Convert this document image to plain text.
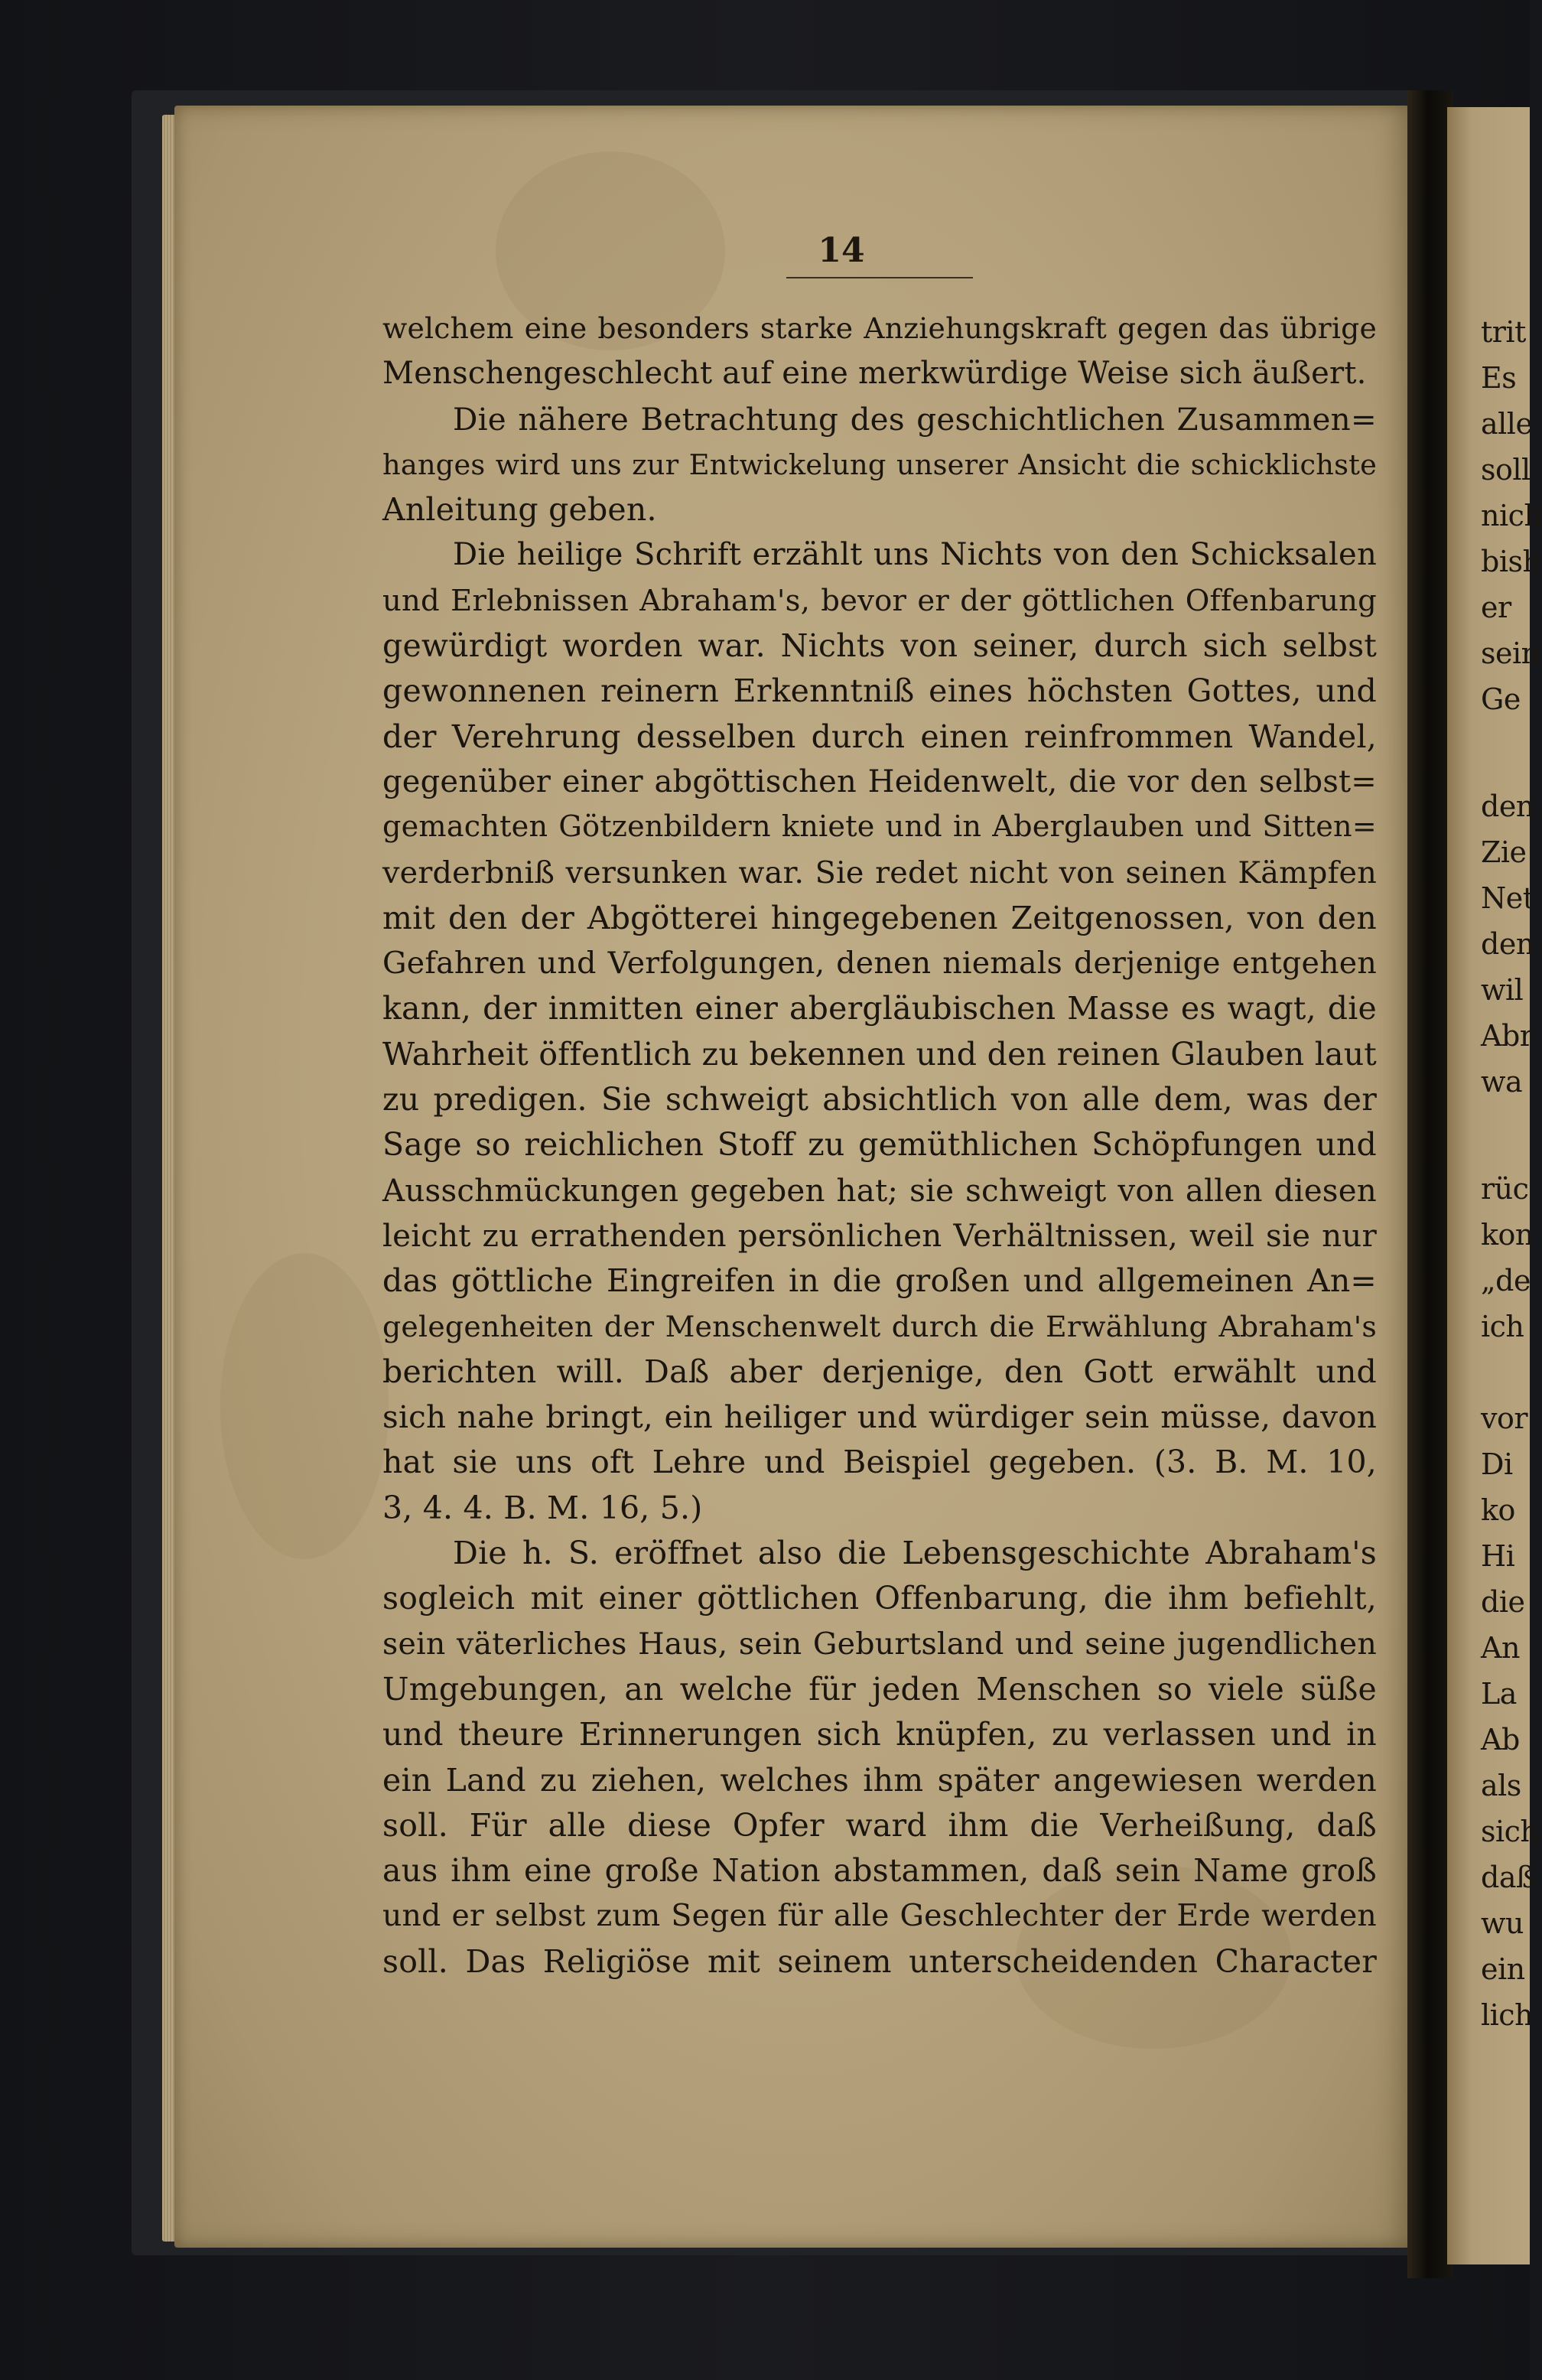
trit
Es
alle
soll
nich
bish
er
sein
Ge
den
Zie
Net
den
wil
Abr
wa
rüc
kon
„de
ich
vor
Di
ko
Hi
die
An
La
Ab
als
sich
daß
wu
ein
lich
14
welchem eine besonders starke Anziehungskraft gegen das übrige
Menschengeschlecht auf eine merkwürdige Weise sich äußert.
Die nähere Betrachtung des geschichtlichen Zusammen=
hanges wird uns zur Entwickelung unserer Ansicht die schicklichste
Anleitung geben.
Die heilige Schrift erzählt uns Nichts von den Schicksalen
und Erlebnissen Abraham's, bevor er der göttlichen Offenbarung
gewürdigt worden war. Nichts von seiner, durch sich selbst
gewonnenen reinern Erkenntniß eines höchsten Gottes, und
der Verehrung desselben durch einen reinfrommen Wandel,
gegenüber einer abgöttischen Heidenwelt, die vor den selbst=
gemachten Götzenbildern kniete und in Aberglauben und Sitten=
verderbniß versunken war. Sie redet nicht von seinen Kämpfen
mit den der Abgötterei hingegebenen Zeitgenossen, von den
Gefahren und Verfolgungen, denen niemals derjenige entgehen
kann, der inmitten einer abergläubischen Masse es wagt, die
Wahrheit öffentlich zu bekennen und den reinen Glauben laut
zu predigen. Sie schweigt absichtlich von alle dem, was der
Sage so reichlichen Stoff zu gemüthlichen Schöpfungen und
Ausschmückungen gegeben hat; sie schweigt von allen diesen
leicht zu errathenden persönlichen Verhältnissen, weil sie nur
das göttliche Eingreifen in die großen und allgemeinen An=
gelegenheiten der Menschenwelt durch die Erwählung Abraham's
berichten will. Daß aber derjenige, den Gott erwählt und
sich nahe bringt, ein heiliger und würdiger sein müsse, davon
hat sie uns oft Lehre und Beispiel gegeben. (3. B. M. 10,
3, 4. 4. B. M. 16, 5.)
Die h. S. eröffnet also die Lebensgeschichte Abraham's
sogleich mit einer göttlichen Offenbarung, die ihm befiehlt,
sein väterliches Haus, sein Geburtsland und seine jugendlichen
Umgebungen, an welche für jeden Menschen so viele süße
und theure Erinnerungen sich knüpfen, zu verlassen und in
ein Land zu ziehen, welches ihm später angewiesen werden
soll. Für alle diese Opfer ward ihm die Verheißung, daß
aus ihm eine große Nation abstammen, daß sein Name groß
und er selbst zum Segen für alle Geschlechter der Erde werden
soll. Das Religiöse mit seinem unterscheidenden Character
